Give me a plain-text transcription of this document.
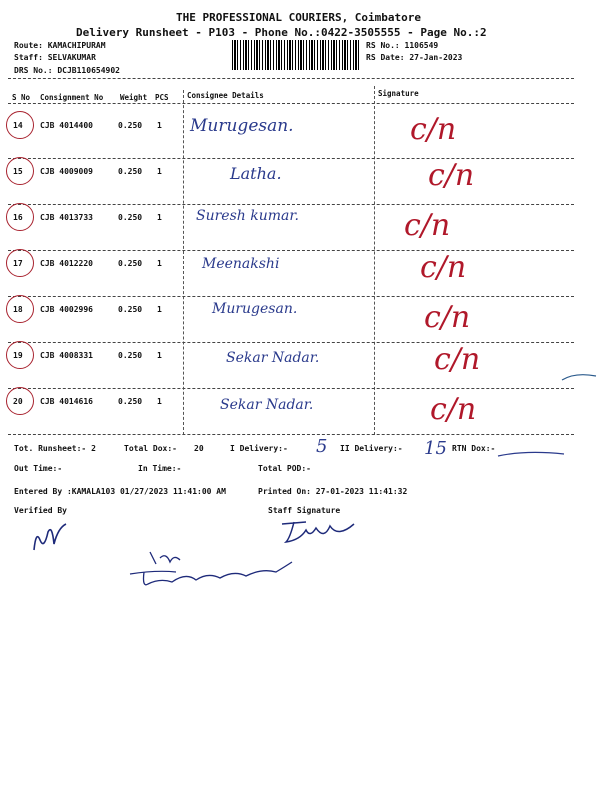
THE PROFESSIONAL COURIERS, Coimbatore
Delivery Runsheet - P103 - Phone No.:0422-3505555 - Page No.:2
Route: KAMACHIPURAM
Staff: SELVAKUMAR
DRS No.: DCJB110654902
RS No.: 1106549
RS Date: 27-Jan-2023
S No Consignment No Weight PCS Consignee Details	Signature
14 CJB 4014400	0.250 1 Murugesan.	c/n
15 CJB 4009009	0.250 1	Latha.	c/n
16 CJB 4013733	0.250 1 Suresh kumar.	c/n
17 CJB 4012220	0.250 1	Meenakshi	c/n
18 CJB 4002996	0.250 1	Murugesan.	c/n
19 CJB 4008331	0.250 1	Sekar Nadar.	c/n
20 CJB 4014616	0.250 1	Sekar Nadar.	c/n
Tot. Runsheet:- 2	Total Dox:- 20	I Delivery:- 5 II Delivery:- 15 RTN Dox:-
Out Time:-	In Time:-	Total POD:-
Entered By :KAMALA103 01/27/2023 11:41:00 AM	Printed On: 27-01-2023 11:41:32
Verified By	Staff Signature
